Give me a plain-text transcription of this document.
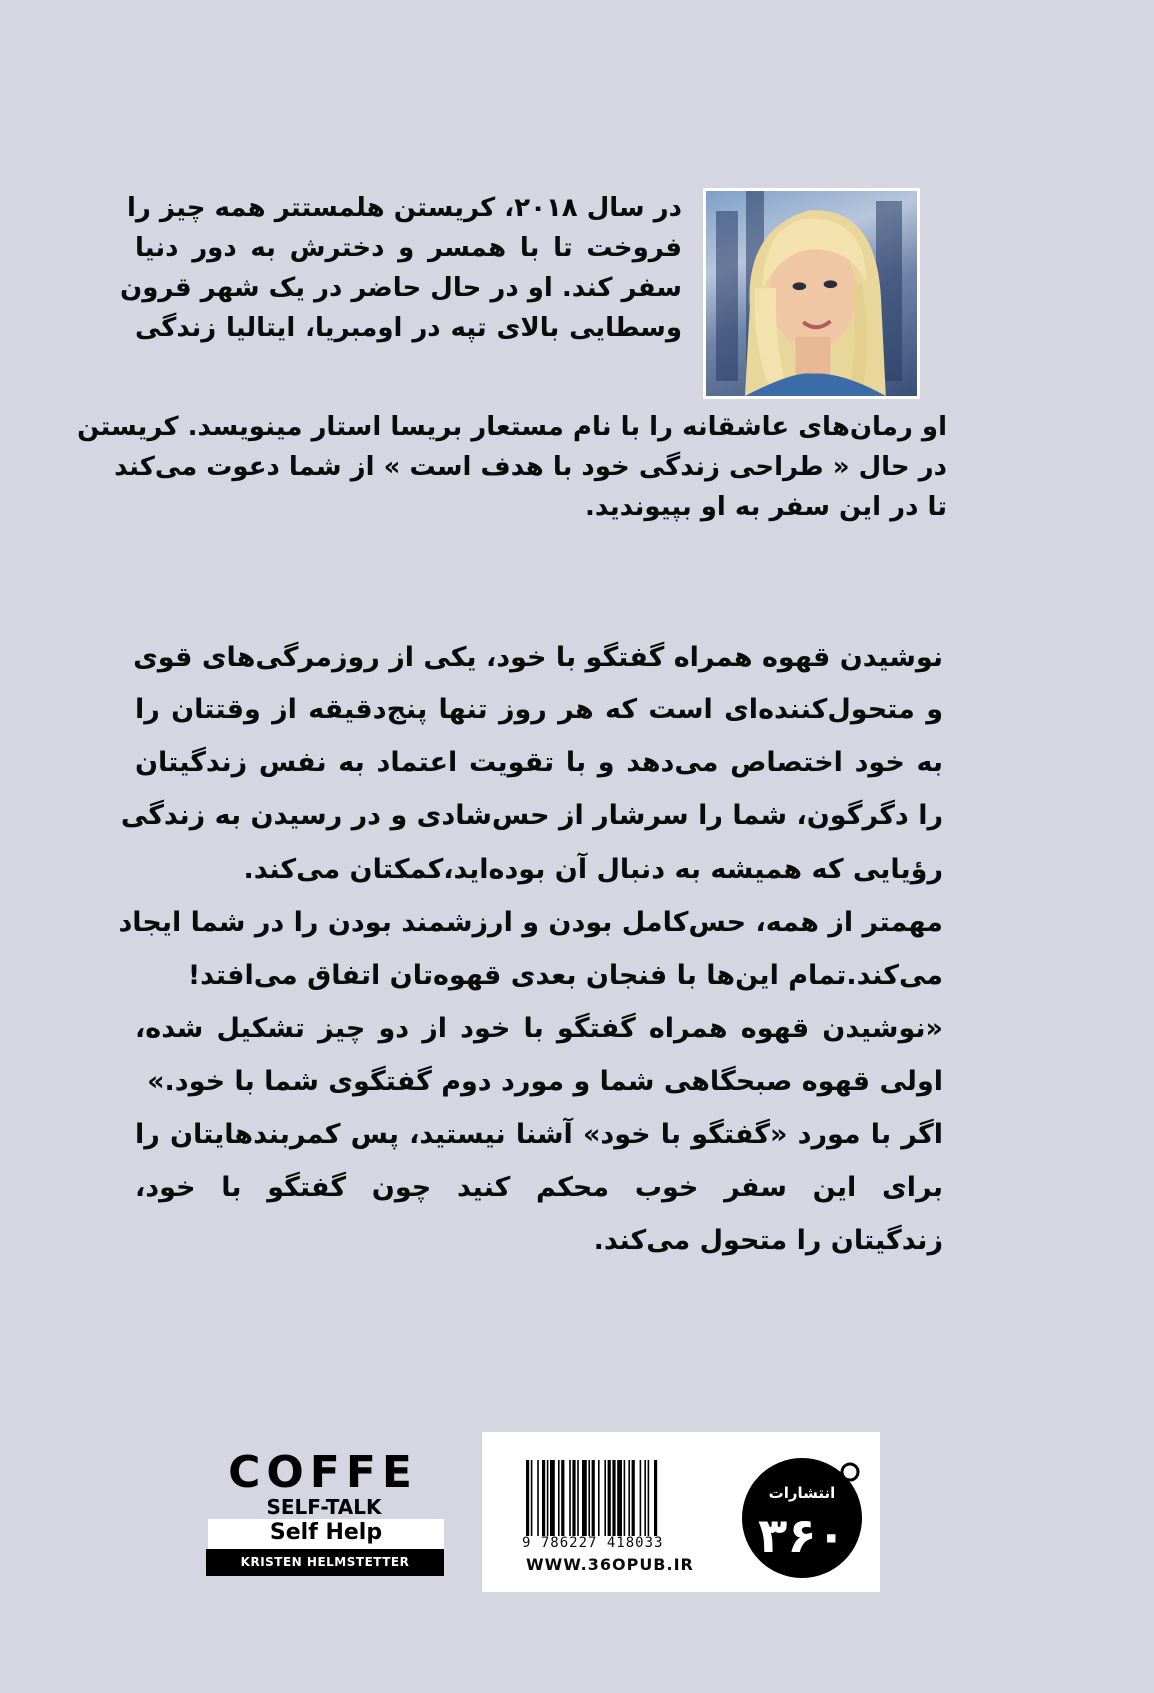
در سال ۲۰۱۸، کریستن هلمستتر همه چیز را
فروخت تا با همسر و دخترش به دور دنیا
سفر کند. او در حال حاضر در یک شهر قرون
وسطایی بالای تپه در اومبریا، ایتالیا زندگی
او رمان‌های عاشقانه را با نام مستعار بریسا استار مینویسد. کریستن
در حال « طراحی زندگی خود با هدف است » از شما دعوت می‌کند
تا در این سفر به او بپیوندید.
نوشیدن قهوه همراه گفتگو با خود، یکی از روزمرگی‌های قوی
و متحول‌کننده‌ای است که هر روز تنها پنج‌دقیقه از وقتتان را
به خود اختصاص می‌دهد و با تقویت اعتماد به نفس زندگیتان
را دگرگون، شما را سرشار از حس‌شادی و در رسیدن به زندگی
رؤیایی که همیشه به دنبال آن بوده‌اید،کمکتان می‌کند.
مهمتر از همه، حس‌کامل بودن و ارزشمند بودن را در شما ایجاد
می‌کند.تمام این‌ها با فنجان بعدی قهوه‌تان اتفاق می‌افتد!
«نوشیدن قهوه همراه گفتگو با خود از دو چیز تشکیل شده،
اولی قهوه صبحگاهی شما و مورد دوم گفتگوی شما با خود.»
اگر با مورد «گفتگو با خود» آشنا نیستید، پس کمربندهایتان را
برای این سفر خوب محکم کنید چون گفتگو با خود،
زندگیتان را متحول می‌کند.
COFFE
SELF-TALK
Self Help
KRISTEN HELMSTETTER
9 786227 418033
WWW.36OPUB.IR
انتشارات
۳۶۰
